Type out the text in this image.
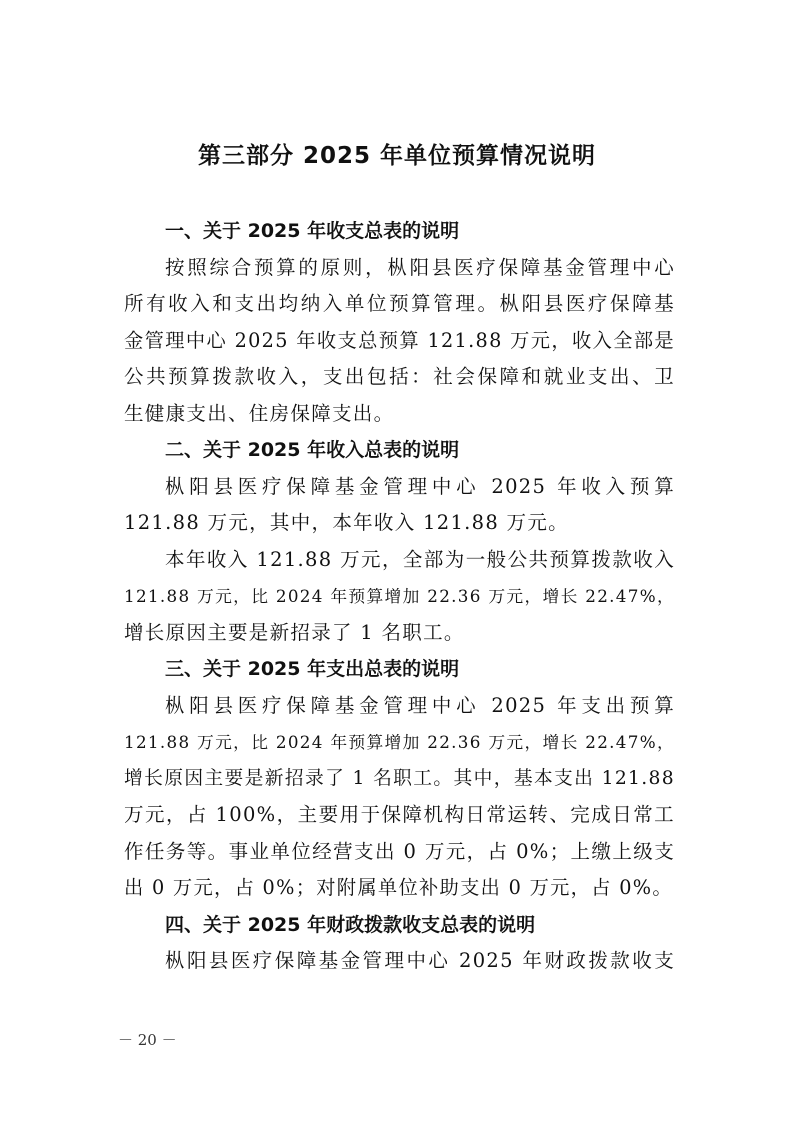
第三部分 2025 年单位预算情况说明
一、关于 2025 年收支总表的说明
按照综合预算的原则，枞阳县医疗保障基金管理中心
所有收入和支出均纳入单位预算管理。枞阳县医疗保障基
金管理中心 2025 年收支总预算 121.88 万元，收入全部是
公共预算拨款收入，支出包括：社会保障和就业支出、卫
生健康支出、住房保障支出。
二、关于 2025 年收入总表的说明
枞阳县医疗保障基金管理中心 2025 年收入预算
121.88 万元，其中，本年收入 121.88 万元。
本年收入 121.88 万元，全部为一般公共预算拨款收入
121.88 万元，比 2024 年预算增加 22.36 万元，增长 22.47%，
增长原因主要是新招录了 1 名职工。
三、关于 2025 年支出总表的说明
枞阳县医疗保障基金管理中心 2025 年支出预算
121.88 万元，比 2024 年预算增加 22.36 万元，增长 22.47%，
增长原因主要是新招录了 1 名职工。其中，基本支出 121.88
万元，占 100%，主要用于保障机构日常运转、完成日常工
作任务等。事业单位经营支出 0 万元，占 0%；上缴上级支
出 0 万元，占 0%；对附属单位补助支出 0 万元，占 0%。
四、关于 2025 年财政拨款收支总表的说明
枞阳县医疗保障基金管理中心 2025 年财政拨款收支
－ 20 －
